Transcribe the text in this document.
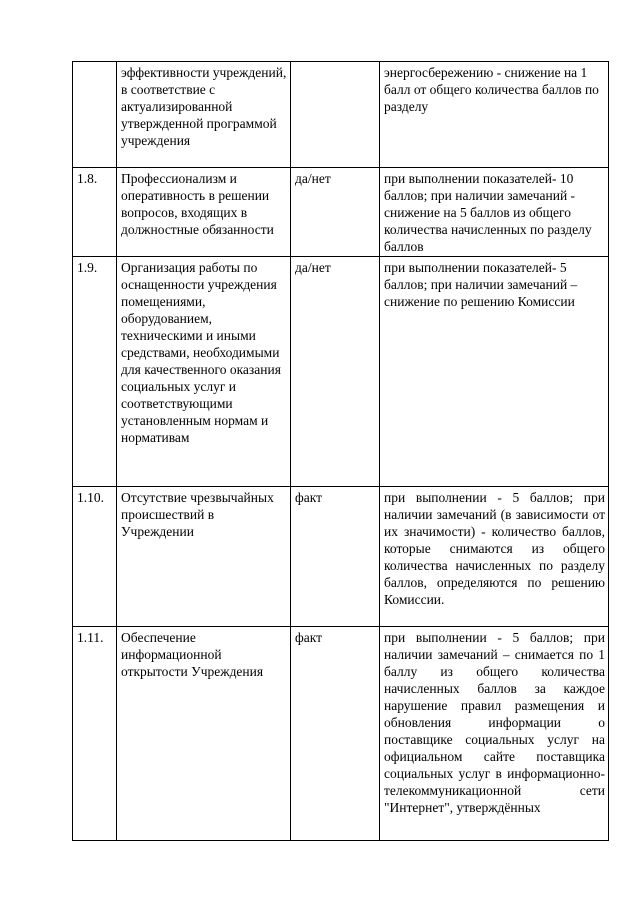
	эффективности учреждений, в соответствие с актуализированной утвержденной программой учреждения		энергосбережению - снижение на 1 балл от общего количества баллов по разделу
1.8.	Профессионализм и оперативность в решении вопросов, входящих в должностные обязанности	да/нет	при выполнении показателей- 10 баллов; при наличии замечаний - снижение на 5 баллов из общего количества начисленных по разделу баллов
1.9.	Организация работы по оснащенности учреждения помещениями, оборудованием, техническими и иными средствами, необходимыми для качественного оказания социальных услуг и соответствующими установленным нормам и нормативам	да/нет	при выполнении показателей- 5 баллов; при наличии замечаний – снижение по решению Комиссии
1.10.	Отсутствие чрезвычайных происшествий в Учреждении	факт	при выполнении - 5 баллов; при наличии замечаний (в зависимости от их значимости) - количество баллов, которые снимаются из общего количества начисленных по разделу баллов, определяются по решению Комиссии.
1.11.	Обеспечение информационной открытости Учреждения	факт	при выполнении - 5 баллов; при наличии замечаний – снимается по 1 баллу из общего количества начисленных баллов за каждое нарушение правил размещения и обновления информации о поставщике социальных услуг на официальном сайте поставщика социальных услуг в информационно-телекоммуникационной сети "Интернет", утверждённых
